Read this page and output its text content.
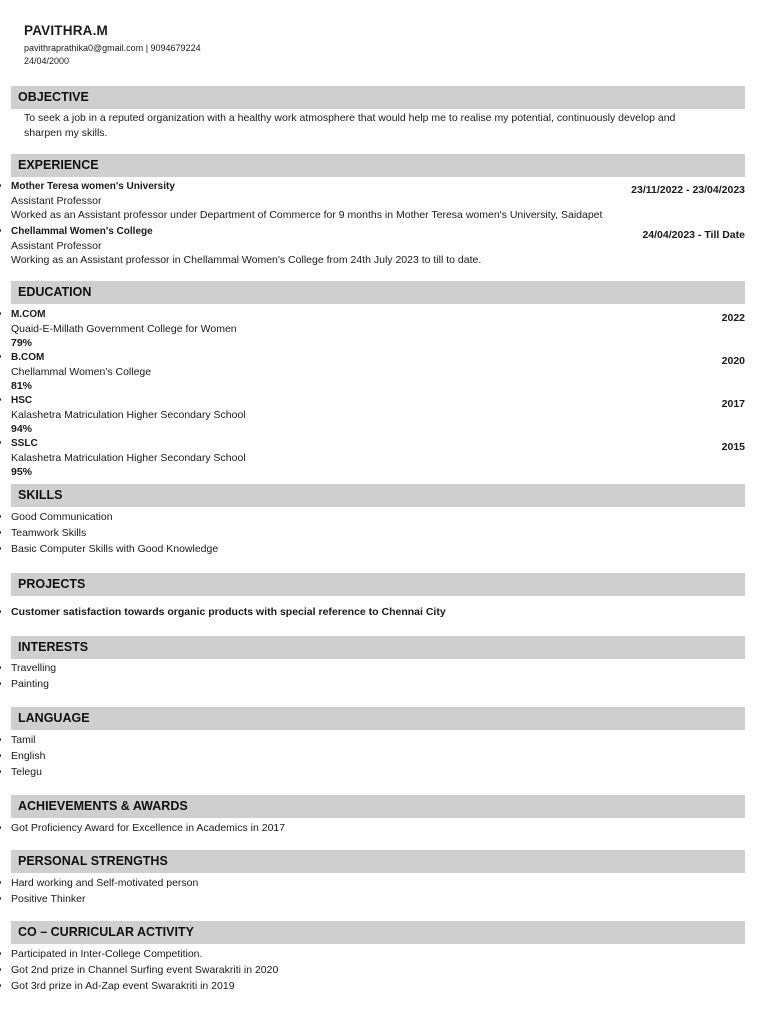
PAVITHRA.M
pavithraprathika0@gmail.com | 9094679224
24/04/2000
OBJECTIVE
To seek a job in a reputed organization with a healthy work atmosphere that would help me to realise my potential, continuously develop and sharpen my skills.
EXPERIENCE
• Mother Teresa women's University	23/11/2022 - 23/04/2023
Assistant Professor
Worked as an Assistant professor under Department of Commerce for 9 months in Mother Teresa women's University, Saidapet
• Chellammal Women's College	24/04/2023 - Till Date
Assistant Professor
Working as an Assistant professor in Chellammal Women's College from 24th July 2023 to till to date.
EDUCATION
• M.COM	2022
Quaid-E-Millath Government College for Women
79%
• B.COM	2020
Chellammal Women's College
81%
• HSC	2017
Kalashetra Matriculation Higher Secondary School
94%
• SSLC	2015
Kalashetra Matriculation Higher Secondary School
95%
SKILLS
• Good Communication
• Teamwork Skills
• Basic Computer Skills with Good Knowledge
PROJECTS
• Customer satisfaction towards organic products with special reference to Chennai City
INTERESTS
• Travelling
• Painting
LANGUAGE
• Tamil
• English
• Telegu
ACHIEVEMENTS & AWARDS
• Got Proficiency Award for Excellence in Academics in 2017
PERSONAL STRENGTHS
• Hard working and Self-motivated person
• Positive Thinker
CO – CURRICULAR ACTIVITY
• Participated in Inter-College Competition.
• Got 2nd prize in Channel Surfing event Swarakriti in 2020
• Got 3rd prize in Ad-Zap event Swarakriti in 2019
